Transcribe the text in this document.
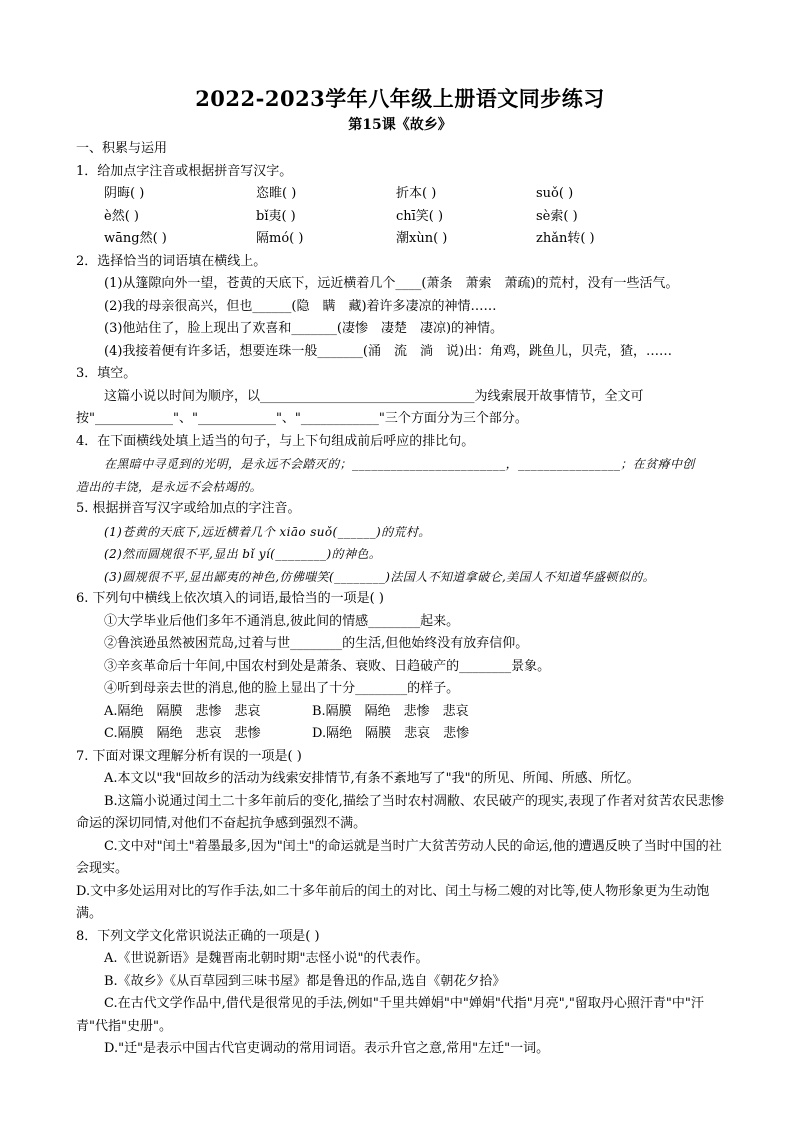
2022-2023学年八年级上册语文同步练习
第15课《故乡》
一、积累与运用
1．给加点字注音或根据拼音写汉字。
阴晦( )	恣睢( )	折本( )	suǒ( )
è然( )	bǐ夷( )	chī笑( )	sè索( )
wāng然( )	隔mó( )	潮xùn( )	zhǎn转( )
2．选择恰当的词语填在横线上。
(1)从篷隙向外一望，苍黄的天底下，远近横着几个____(萧条　萧索　萧疏)的荒村，没有一些活气。
(2)我的母亲很高兴，但也______(隐　瞒　藏)着许多凄凉的神情……
(3)他站住了，脸上现出了欢喜和_______(凄惨　凄楚　凄凉)的神情。
(4)我接着便有许多话，想要连珠一般_______(涌　流　淌　说)出：角鸡，跳鱼儿，贝壳，猹，……
3．填空。
这篇小说以时间为顺序，以_________________________________为线索展开故事情节，全文可
按"____________"、"____________"、"____________"三个方面分为三个部分。
4．在下面横线处填上适当的句子，与上下句组成前后呼应的排比句。
在黑暗中寻觅到的光明，是永远不会踏灭的；________________________，________________；在贫瘠中创
造出的丰饶，是永远不会枯竭的。
5. 根据拼音写汉字或给加点的字注音。
(1)苍黄的天底下,远近横着几个 xiāo suǒ(______)的荒村。
(2)然而圆规很不平,显出 bǐ yí(________)的神色。
(3)圆规很不平,显出鄙夷的神色,仿佛嗤笑(________)法国人不知道拿破仑,美国人不知道华盛顿似的。
6. 下列句中横线上依次填入的词语,最恰当的一项是( )
①大学毕业后他们多年不通消息,彼此间的情感________起来。
②鲁滨逊虽然被困荒岛,过着与世________的生活,但他始终没有放弃信仰。
③辛亥革命后十年间,中国农村到处是萧条、衰败、日趋破产的________景象。
④听到母亲去世的消息,他的脸上显出了十分________的样子。
A.隔绝　隔膜　悲惨　悲哀	B.隔膜　隔绝　悲惨　悲哀
C.隔膜　隔绝　悲哀　悲惨	D.隔绝　隔膜　悲哀　悲惨
7. 下面对课文理解分析有误的一项是( )
A.本文以"我"回故乡的活动为线索安排情节,有条不紊地写了"我"的所见、所闻、所感、所忆。
B.这篇小说通过闰土二十多年前后的变化,描绘了当时农村凋敝、农民破产的现实,表现了作者对贫苦农民悲惨命运的深切同情,对他们不奋起抗争感到强烈不满。
C.文中对"闰土"着墨最多,因为"闰土"的命运就是当时广大贫苦劳动人民的命运,他的遭遇反映了当时中国的社会现实。
D.文中多处运用对比的写作手法,如二十多年前后的闰土的对比、闰土与杨二嫂的对比等,使人物形象更为生动饱满。
8．下列文学文化常识说法正确的一项是( )
A.《世说新语》是魏晋南北朝时期"志怪小说"的代表作。
B.《故乡》《从百草园到三味书屋》都是鲁迅的作品,选自《朝花夕拾》
C.在古代文学作品中,借代是很常见的手法,例如"千里共婵娟"中"婵娟"代指"月亮","留取丹心照汗青"中"汗青"代指"史册"。
D."迁"是表示中国古代官吏调动的常用词语。表示升官之意,常用"左迁"一词。
